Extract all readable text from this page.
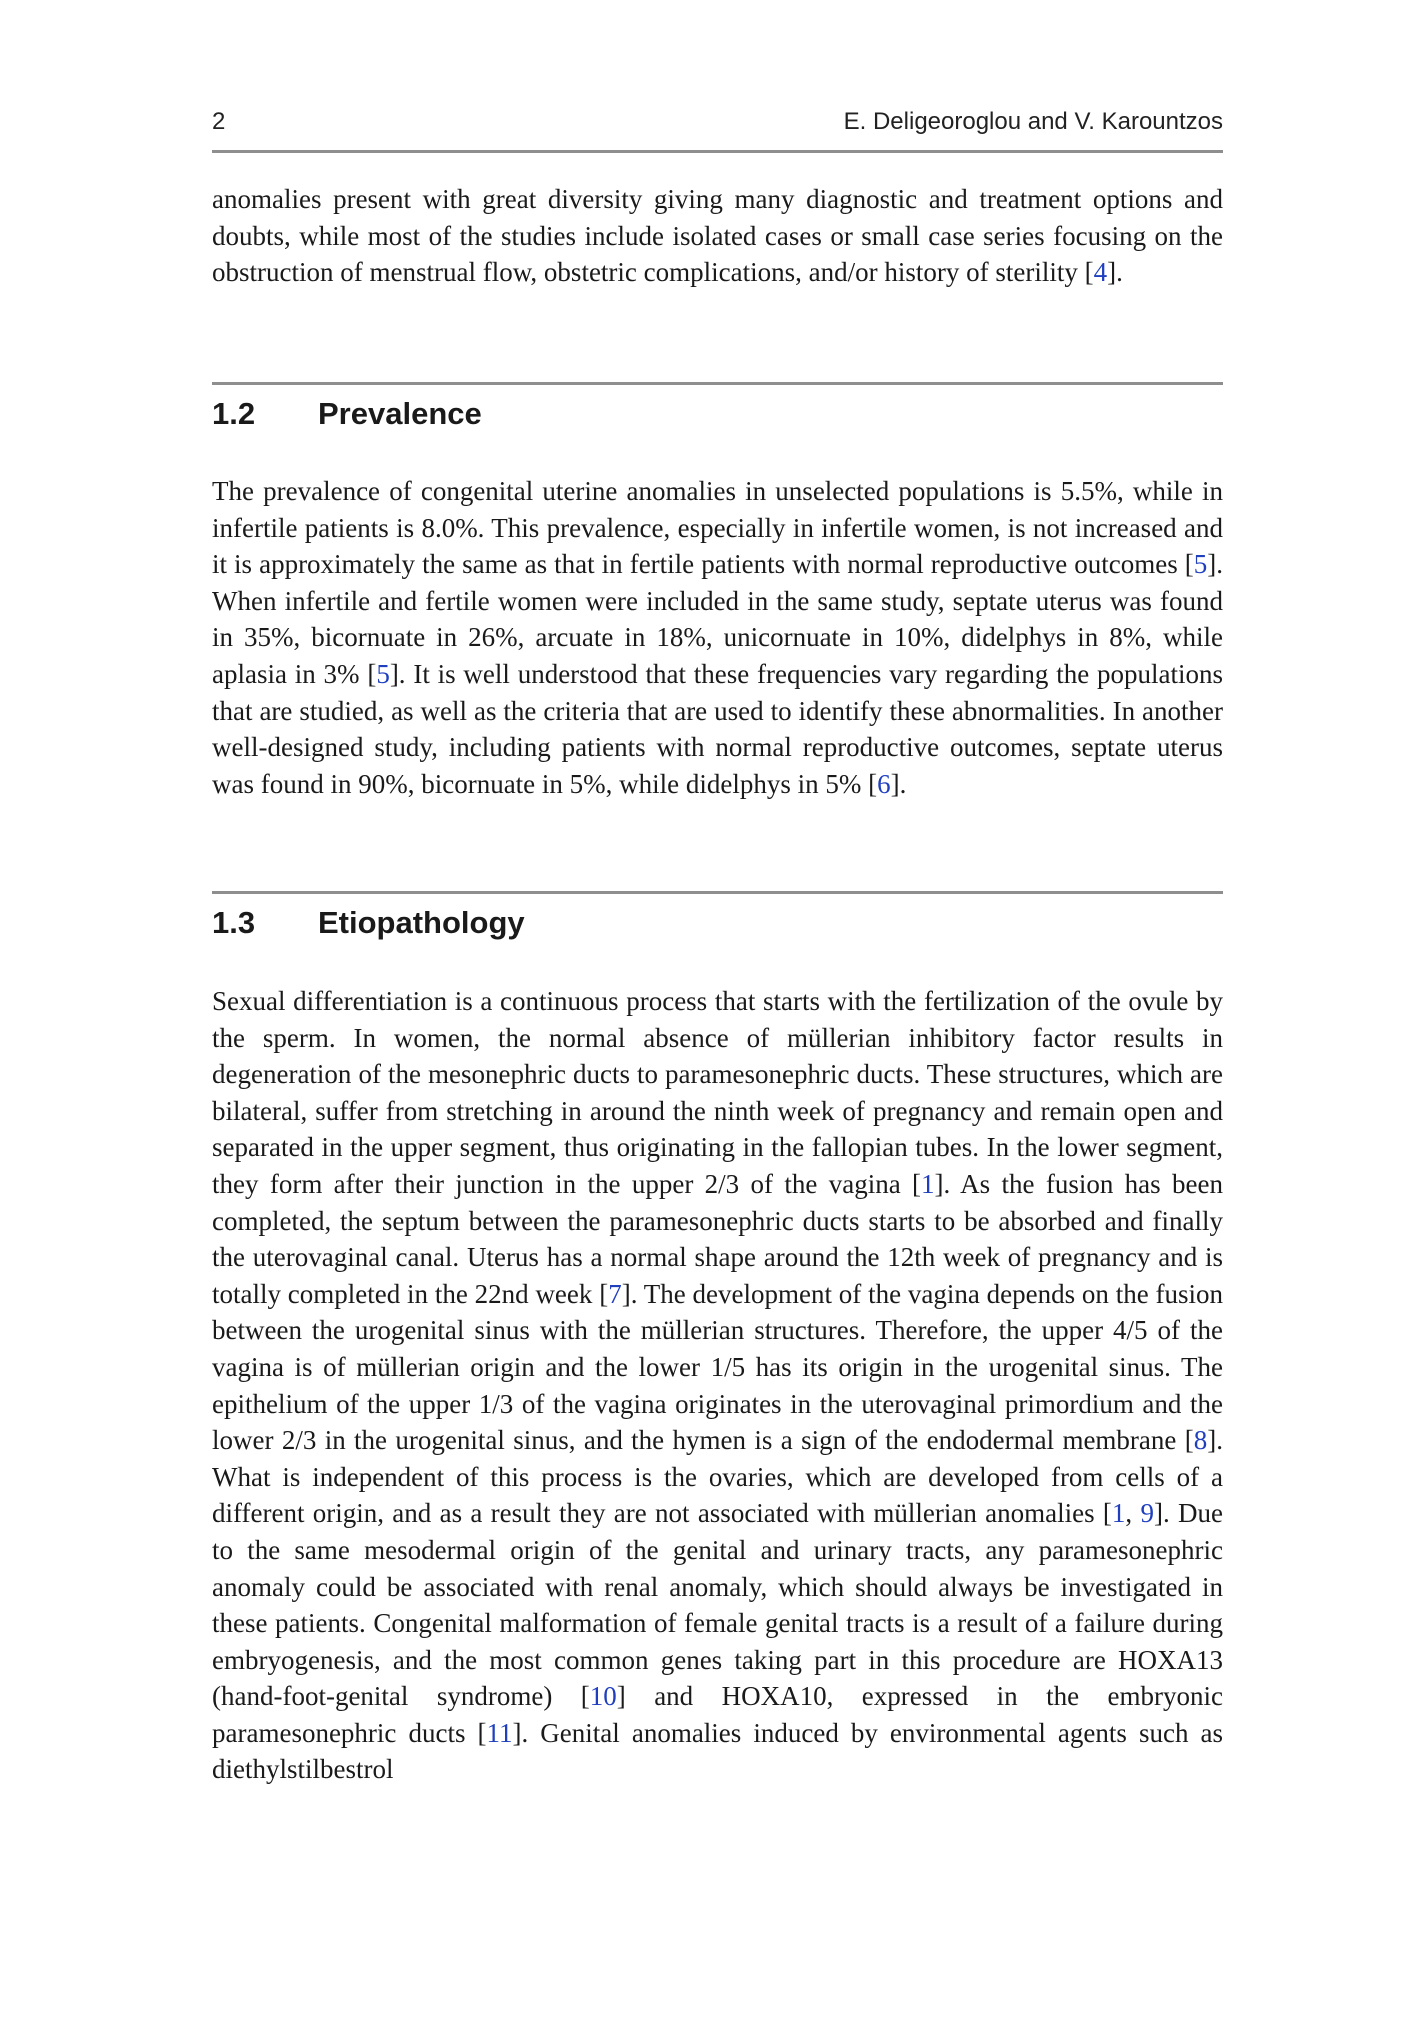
2	E. Deligeoroglou and V. Karountzos

anomalies present with great diversity giving many diagnostic and treatment options and doubts, while most of the studies include isolated cases or small case series focusing on the obstruction of menstrual flow, obstetric complications, and/or history of sterility [4].

1.2 Prevalence

The prevalence of congenital uterine anomalies in unselected populations is 5.5%, while in infertile patients is 8.0%. This prevalence, especially in infertile women, is not increased and it is approximately the same as that in fertile patients with normal reproductive outcomes [5]. When infertile and fertile women were included in the same study, septate uterus was found in 35%, bicornuate in 26%, arcuate in 18%, unicornuate in 10%, didelphys in 8%, while aplasia in 3% [5]. It is well understood that these frequencies vary regarding the populations that are studied, as well as the criteria that are used to identify these abnormalities. In another well-designed study, including patients with normal reproductive outcomes, septate uterus was found in 90%, bicornuate in 5%, while didelphys in 5% [6].

1.3 Etiopathology

Sexual differentiation is a continuous process that starts with the fertilization of the ovule by the sperm. In women, the normal absence of müllerian inhibitory factor results in degeneration of the mesonephric ducts to paramesonephric ducts. These structures, which are bilateral, suffer from stretching in around the ninth week of pregnancy and remain open and separated in the upper segment, thus originating in the fallopian tubes. In the lower segment, they form after their junction in the upper 2/3 of the vagina [1]. As the fusion has been completed, the septum between the paramesonephric ducts starts to be absorbed and finally the uterovaginal canal. Uterus has a normal shape around the 12th week of pregnancy and is totally completed in the 22nd week [7]. The development of the vagina depends on the fusion between the urogenital sinus with the müllerian structures. Therefore, the upper 4/5 of the vagina is of müllerian origin and the lower 1/5 has its origin in the urogenital sinus. The epithelium of the upper 1/3 of the vagina originates in the uterovaginal primordium and the lower 2/3 in the urogenital sinus, and the hymen is a sign of the endodermal membrane [8]. What is independent of this process is the ovaries, which are developed from cells of a different origin, and as a result they are not associated with müllerian anomalies [1, 9]. Due to the same mesodermal origin of the genital and urinary tracts, any paramesonephric anomaly could be associated with renal anomaly, which should always be investigated in these patients. Congenital malformation of female genital tracts is a result of a failure during embryogenesis, and the most common genes taking part in this procedure are HOXA13 (hand-foot-genital syndrome) [10] and HOXA10, expressed in the embryonic paramesonephric ducts [11]. Genital anomalies induced by environmental agents such as diethylstilbestrol
